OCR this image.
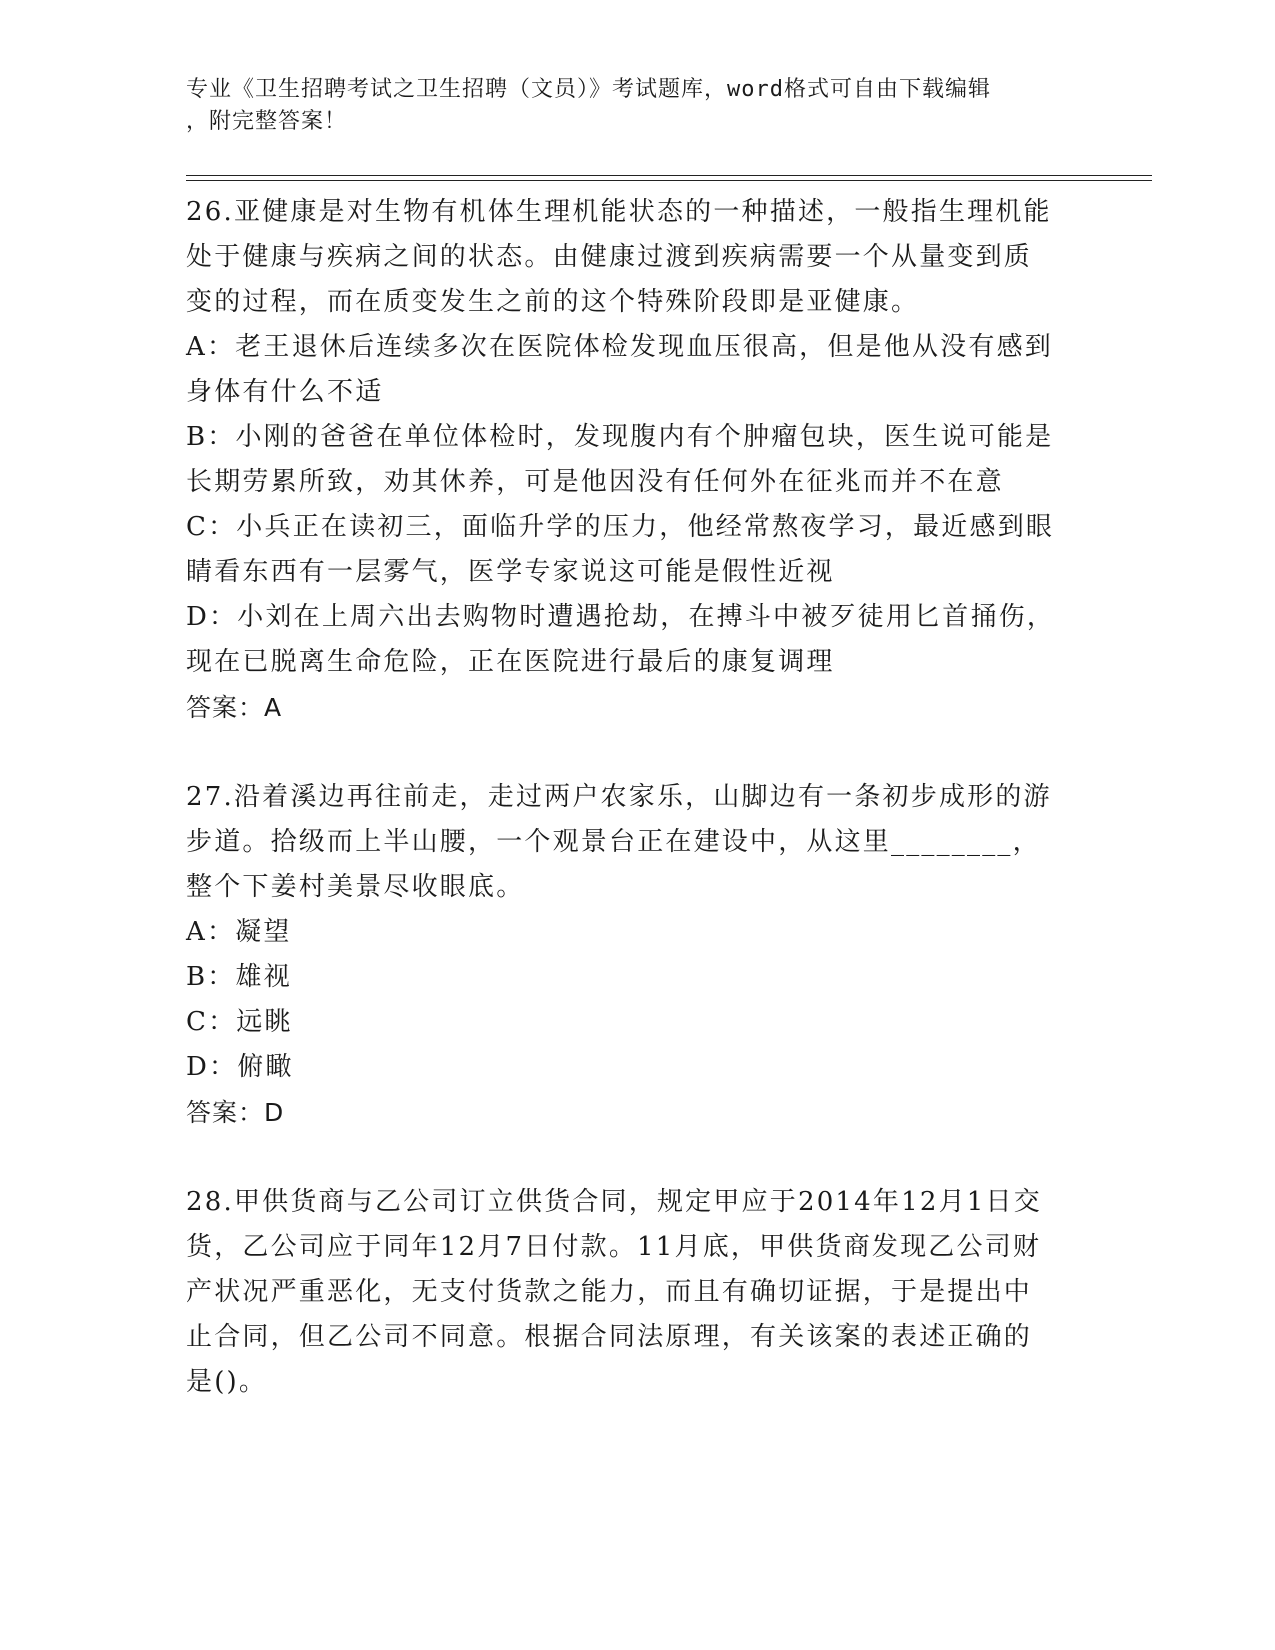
专业《卫生招聘考试之卫生招聘（文员）》考试题库，word格式可自由下载编辑

，附完整答案！

26.亚健康是对生物有机体生理机能状态的一种描述，一般指生理机能

处于健康与疾病之间的状态。由健康过渡到疾病需要一个从量变到质

变的过程，而在质变发生之前的这个特殊阶段即是亚健康。

A：老王退休后连续多次在医院体检发现血压很高，但是他从没有感到

身体有什么不适

B：小刚的爸爸在单位体检时，发现腹内有个肿瘤包块，医生说可能是

长期劳累所致，劝其休养，可是他因没有任何外在征兆而并不在意

C：小兵正在读初三，面临升学的压力，他经常熬夜学习，最近感到眼

睛看东西有一层雾气，医学专家说这可能是假性近视

D：小刘在上周六出去购物时遭遇抢劫，在搏斗中被歹徒用匕首捅伤，

现在已脱离生命危险，正在医院进行最后的康复调理

答案：A

27.沿着溪边再往前走，走过两户农家乐，山脚边有一条初步成形的游

步道。拾级而上半山腰，一个观景台正在建设中，从这里________，

整个下姜村美景尽收眼底。

A：凝望

B：雄视

C：远眺

D：俯瞰

答案：D

28.甲供货商与乙公司订立供货合同，规定甲应于2014年12月1日交

货，乙公司应于同年12月7日付款。11月底，甲供货商发现乙公司财

产状况严重恶化，无支付货款之能力，而且有确切证据，于是提出中

止合同，但乙公司不同意。根据合同法原理，有关该案的表述正确的

是()。
